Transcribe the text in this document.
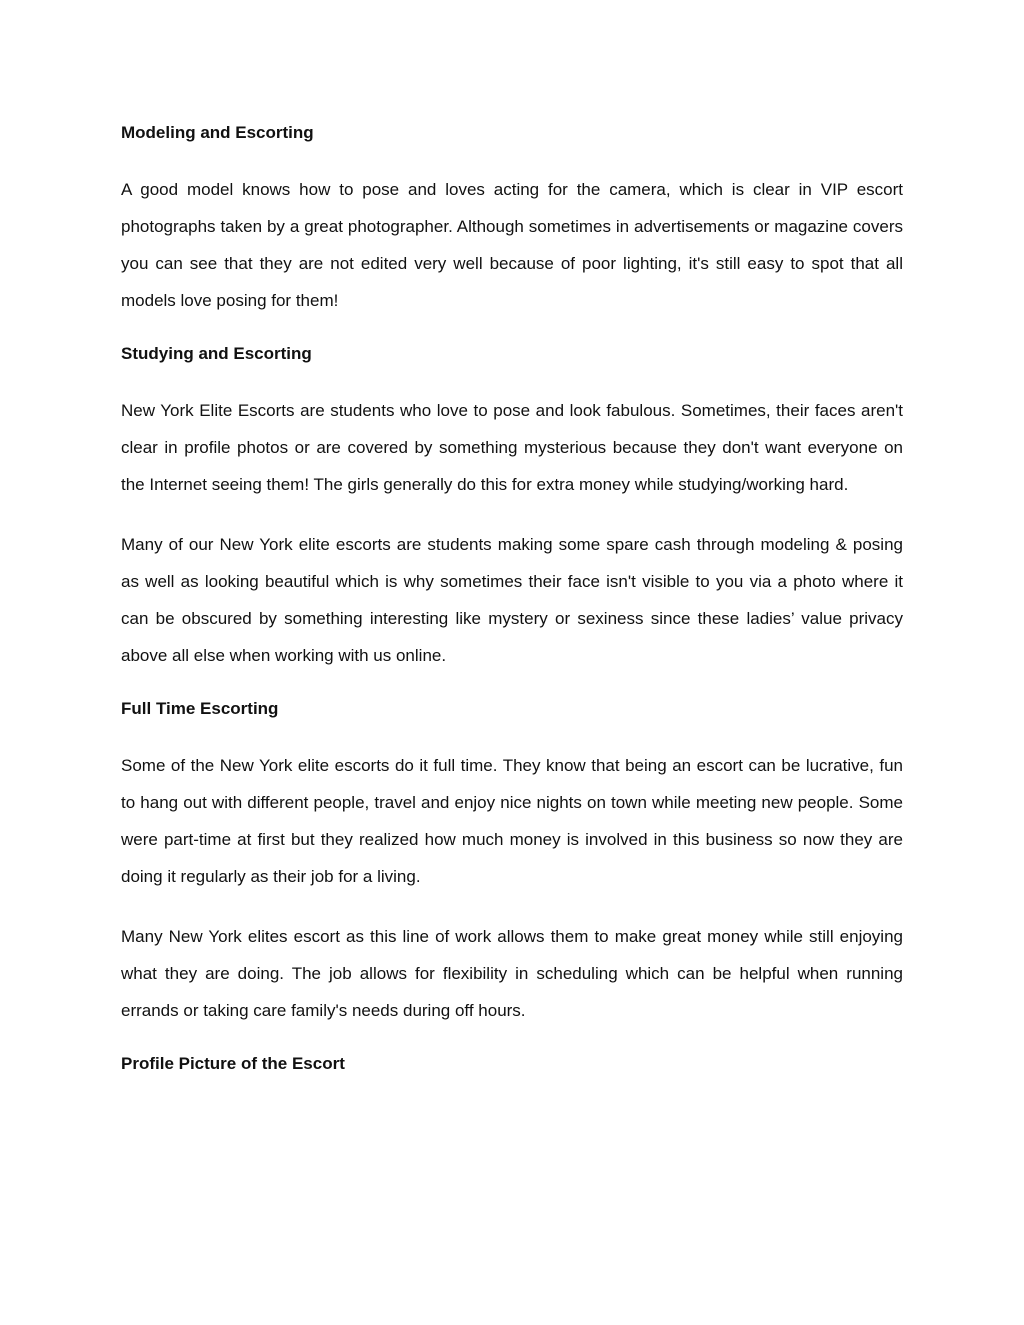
Modeling and Escorting

A good model knows how to pose and loves acting for the camera, which is clear in VIP escort photographs taken by a great photographer. Although sometimes in advertisements or magazine covers you can see that they are not edited very well because of poor lighting, it's still easy to spot that all models love posing for them!

Studying and Escorting

New York Elite Escorts are students who love to pose and look fabulous. Sometimes, their faces aren't clear in profile photos or are covered by something mysterious because they don't want everyone on the Internet seeing them! The girls generally do this for extra money while studying/working hard.

Many of our New York elite escorts are students making some spare cash through modeling & posing as well as looking beautiful which is why sometimes their face isn't visible to you via a photo where it can be obscured by something interesting like mystery or sexiness since these ladies’ value privacy above all else when working with us online.

Full Time Escorting

Some of the New York elite escorts do it full time. They know that being an escort can be lucrative, fun to hang out with different people, travel and enjoy nice nights on town while meeting new people. Some were part-time at first but they realized how much money is involved in this business so now they are doing it regularly as their job for a living.

Many New York elites escort as this line of work allows them to make great money while still enjoying what they are doing. The job allows for flexibility in scheduling which can be helpful when running errands or taking care family's needs during off hours.

Profile Picture of the Escort
